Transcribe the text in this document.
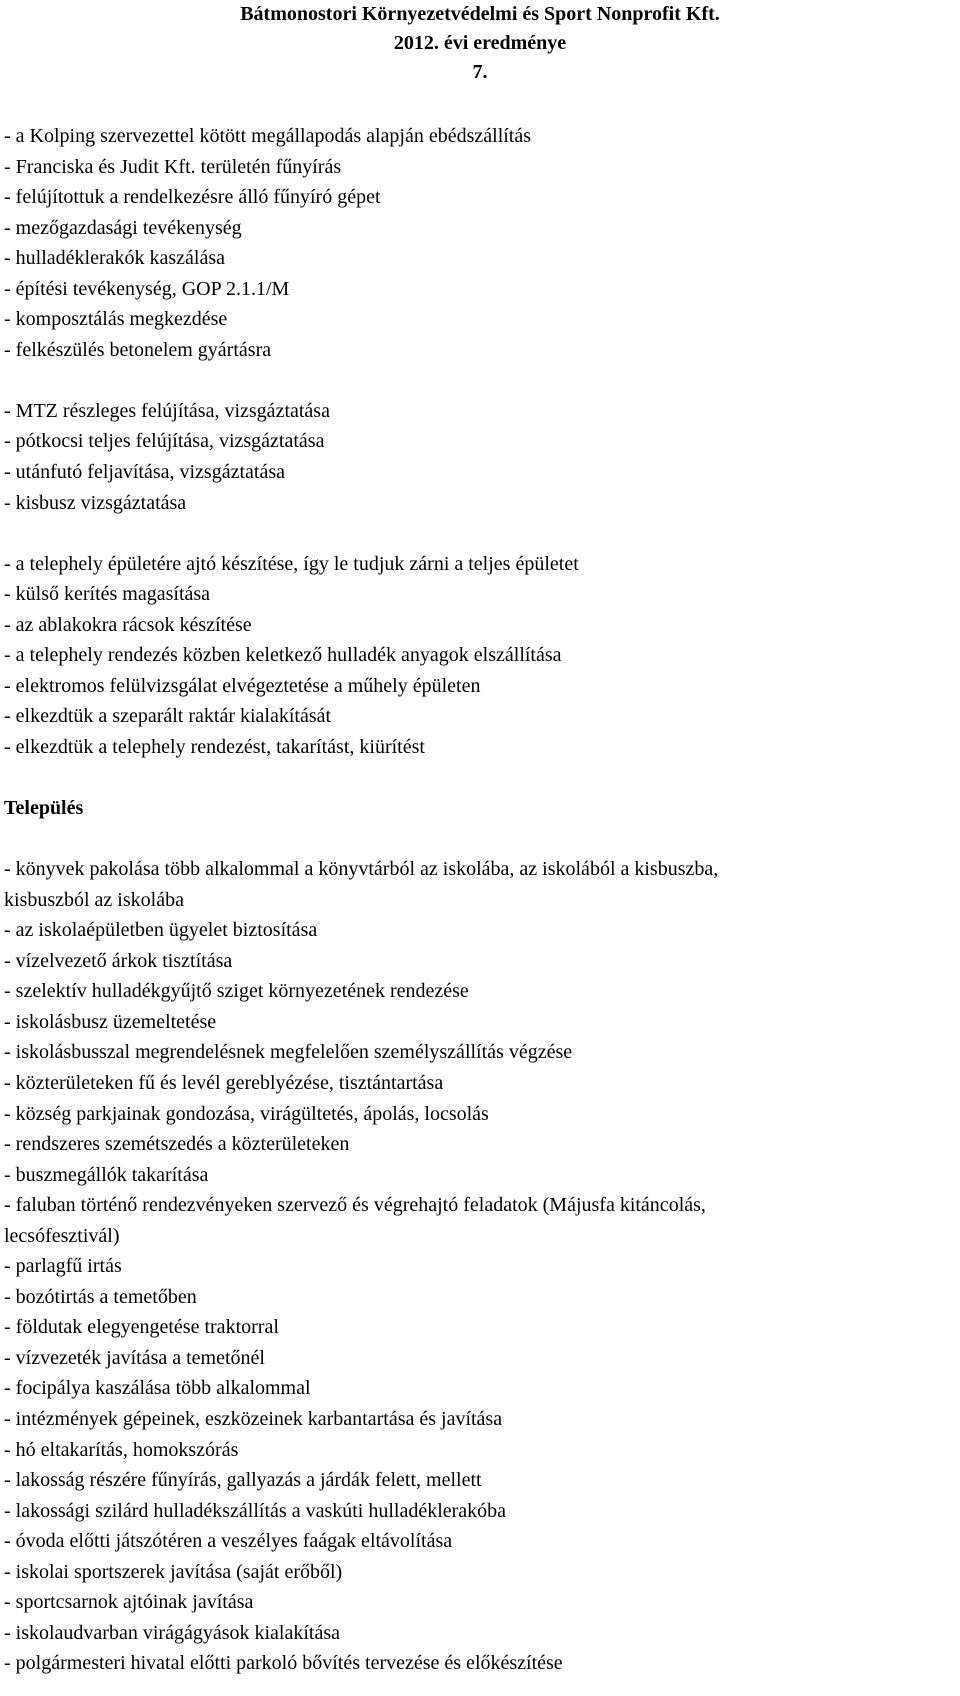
Bátmonostori Környezetvédelmi és Sport Nonprofit Kft.
2012. évi eredménye
7.
- a Kolping szervezettel kötött megállapodás alapján ebédszállítás
- Franciska és Judit Kft. területén fűnyírás
- felújítottuk a rendelkezésre álló fűnyíró gépet
- mezőgazdasági tevékenység
- hulladéklerakók kaszálása
- építési tevékenység, GOP 2.1.1/M
- komposztálás megkezdése
- felkészülés betonelem gyártásra
- MTZ részleges felújítása, vizsgáztatása
- pótkocsi teljes felújítása, vizsgáztatása
- utánfutó feljavítása, vizsgáztatása
- kisbusz vizsgáztatása
- a telephely épületére ajtó készítése, így le tudjuk zárni a teljes épületet
- külső kerítés magasítása
- az ablakokra rácsok készítése
- a telephely rendezés közben keletkező hulladék anyagok elszállítása
- elektromos felülvizsgálat elvégeztetése a műhely épületen
- elkezdtük a szeparált raktár kialakítását
- elkezdtük a telephely rendezést, takarítást, kiürítést
Település
- könyvek pakolása több alkalommal a könyvtárból az iskolába, az iskolából a kisbuszba,
kisbuszból az iskolába
- az iskolaépületben ügyelet biztosítása
- vízelvezető árkok tisztítása
- szelektív hulladékgyűjtő sziget környezetének rendezése
- iskolásbusz üzemeltetése
- iskolásbusszal megrendelésnek megfelelően személyszállítás végzése
- közterületeken fű és levél gereblyézése, tisztántartása
- község parkjainak gondozása, virágültetés, ápolás, locsolás
- rendszeres szemétszedés a közterületeken
- buszmegállók takarítása
- faluban történő rendezvényeken szervező és végrehajtó feladatok (Májusfa kitáncolás,
lecsófesztivál)
- parlagfű irtás
- bozótirtás a temetőben
- földutak elegyengetése traktorral
- vízvezeték javítása a temetőnél
- focipálya kaszálása több alkalommal
- intézmények gépeinek, eszközeinek karbantartása és javítása
- hó eltakarítás, homokszórás
- lakosság részére fűnyírás, gallyazás a járdák felett, mellett
- lakossági szilárd hulladékszállítás a vaskúti hulladéklerakóba
- óvoda előtti játszótéren a veszélyes faágak eltávolítása
- iskolai sportszerek javítása (saját erőből)
- sportcsarnok ajtóinak javítása
- iskolaudvarban virágágyások kialakítása
- polgármesteri hivatal előtti parkoló bővítés tervezése és előkészítése
